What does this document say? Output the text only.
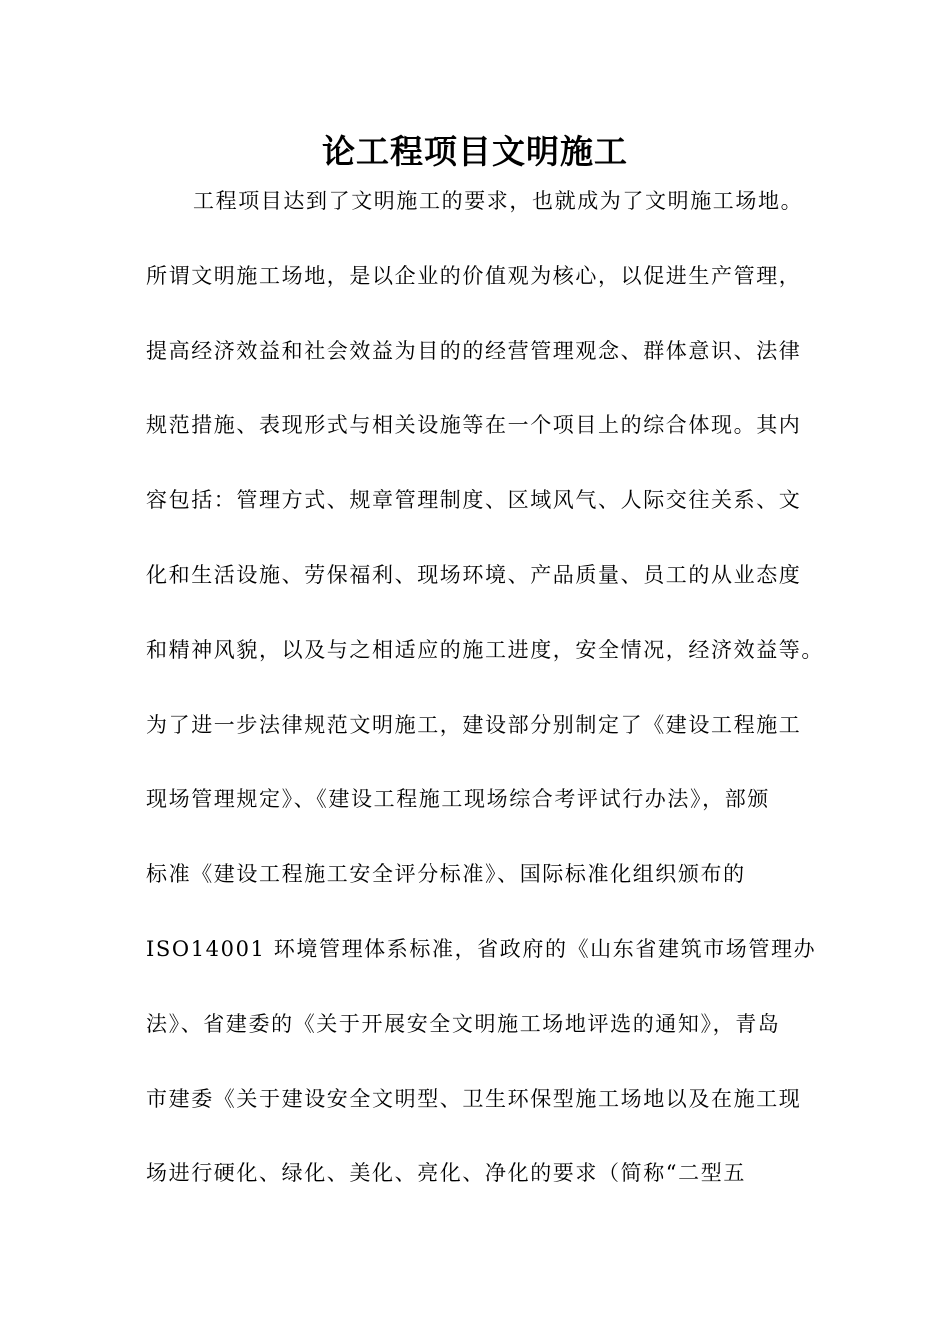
论工程项目文明施工
工程项目达到了文明施工的要求，也就成为了文明施工场地。
所谓文明施工场地，是以企业的价值观为核心，以促进生产管理，
提高经济效益和社会效益为目的的经营管理观念、群体意识、法律
规范措施、表现形式与相关设施等在一个项目上的综合体现。其内
容包括：管理方式、规章管理制度、区域风气、人际交往关系、文
化和生活设施、劳保福利、现场环境、产品质量、员工的从业态度
和精神风貌，以及与之相适应的施工进度，安全情况，经济效益等。
为了进一步法律规范文明施工，建设部分别制定了《建设工程施工
现场管理规定》、《建设工程施工现场综合考评试行办法》，部颁
标准《建设工程施工安全评分标准》、国际标准化组织颁布的
ISO14001 环境管理体系标准，省政府的《山东省建筑市场管理办
法》、省建委的《关于开展安全文明施工场地评选的通知》，青岛
市建委《关于建设安全文明型、卫生环保型施工场地以及在施工现
场进行硬化、绿化、美化、亮化、净化的要求（简称“二型五
